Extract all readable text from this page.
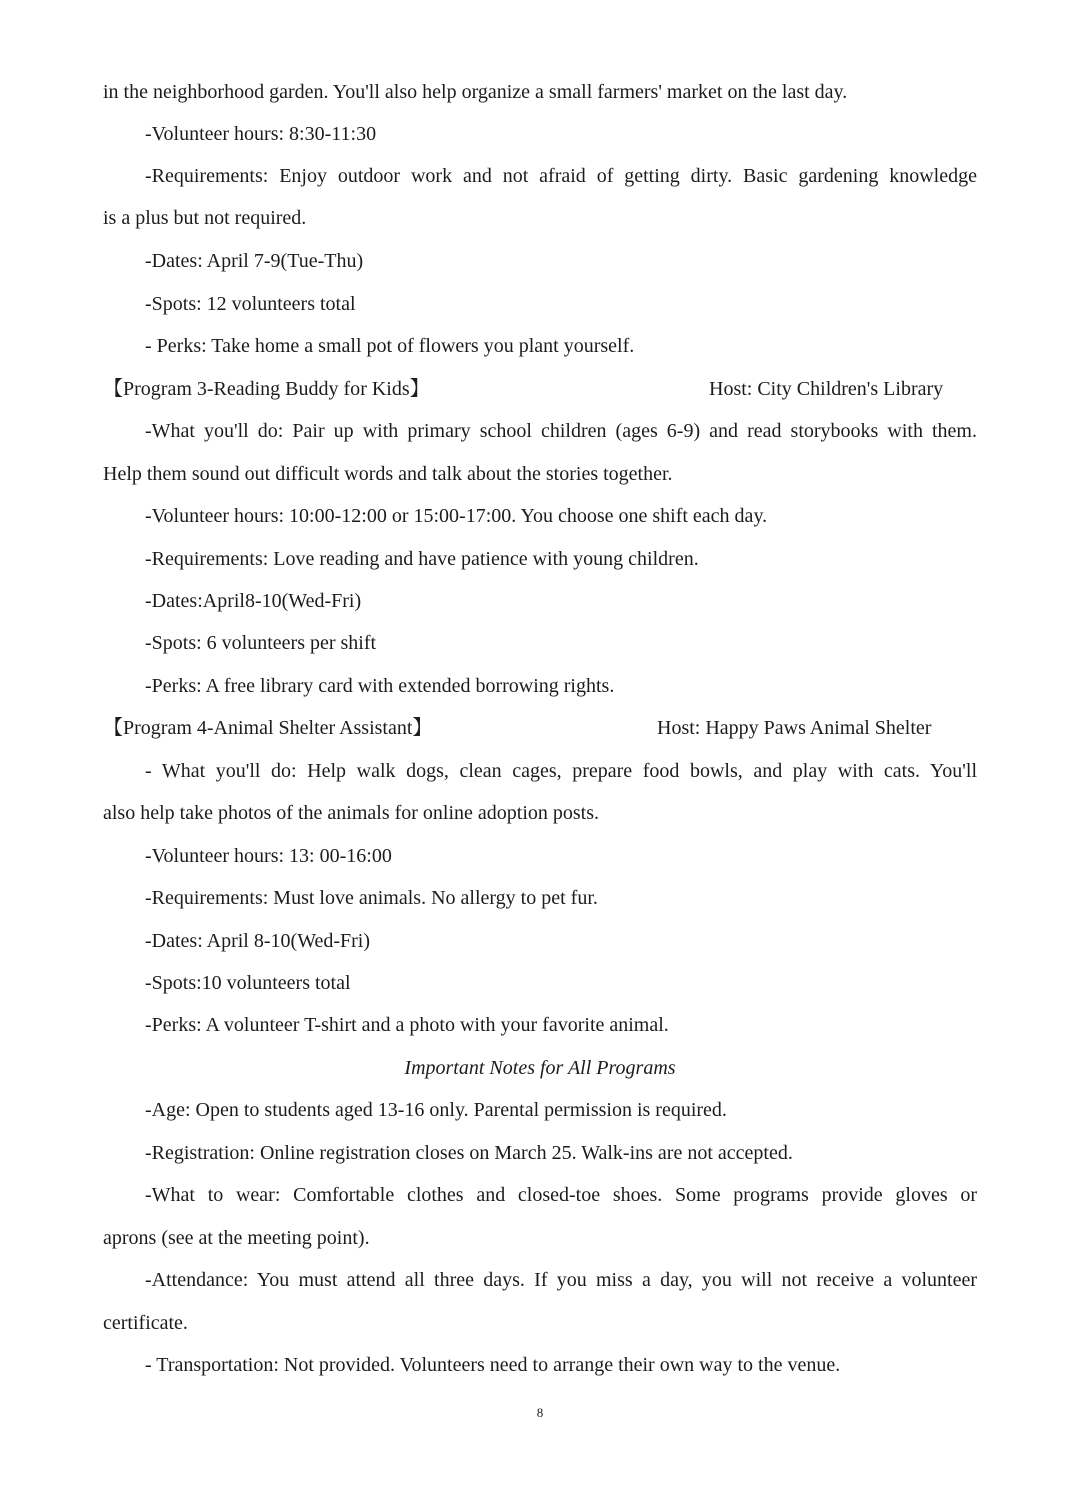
in the neighborhood garden. You'll also help organize a small farmers' market on the last day.
-Volunteer hours: 8:30-11:30
-Requirements: Enjoy outdoor work and not afraid of getting dirty. Basic gardening knowledge
is a plus but not required.
-Dates: April 7-9(Tue-Thu)
-Spots: 12 volunteers total
- Perks: Take home a small pot of flowers you plant yourself.
【Program 3-Reading Buddy for Kids】	Host: City Children's Library
-What you'll do: Pair up with primary school children (ages 6-9) and read storybooks with them.
Help them sound out difficult words and talk about the stories together.
-Volunteer hours: 10:00-12:00 or 15:00-17:00. You choose one shift each day.
-Requirements: Love reading and have patience with young children.
-Dates:April8-10(Wed-Fri)
-Spots: 6 volunteers per shift
-Perks: A free library card with extended borrowing rights.
【Program 4-Animal Shelter Assistant】	Host: Happy Paws Animal Shelter
- What you'll do: Help walk dogs, clean cages, prepare food bowls, and play with cats. You'll
also help take photos of the animals for online adoption posts.
-Volunteer hours: 13: 00-16:00
-Requirements: Must love animals. No allergy to pet fur.
-Dates: April 8-10(Wed-Fri)
-Spots:10 volunteers total
-Perks: A volunteer T-shirt and a photo with your favorite animal.
Important Notes for All Programs
-Age: Open to students aged 13-16 only. Parental permission is required.
-Registration: Online registration closes on March 25. Walk-ins are not accepted.
-What to wear: Comfortable clothes and closed-toe shoes. Some programs provide gloves or
aprons (see at the meeting point).
-Attendance: You must attend all three days. If you miss a day, you will not receive a volunteer
certificate.
- Transportation: Not provided. Volunteers need to arrange their own way to the venue.
8
